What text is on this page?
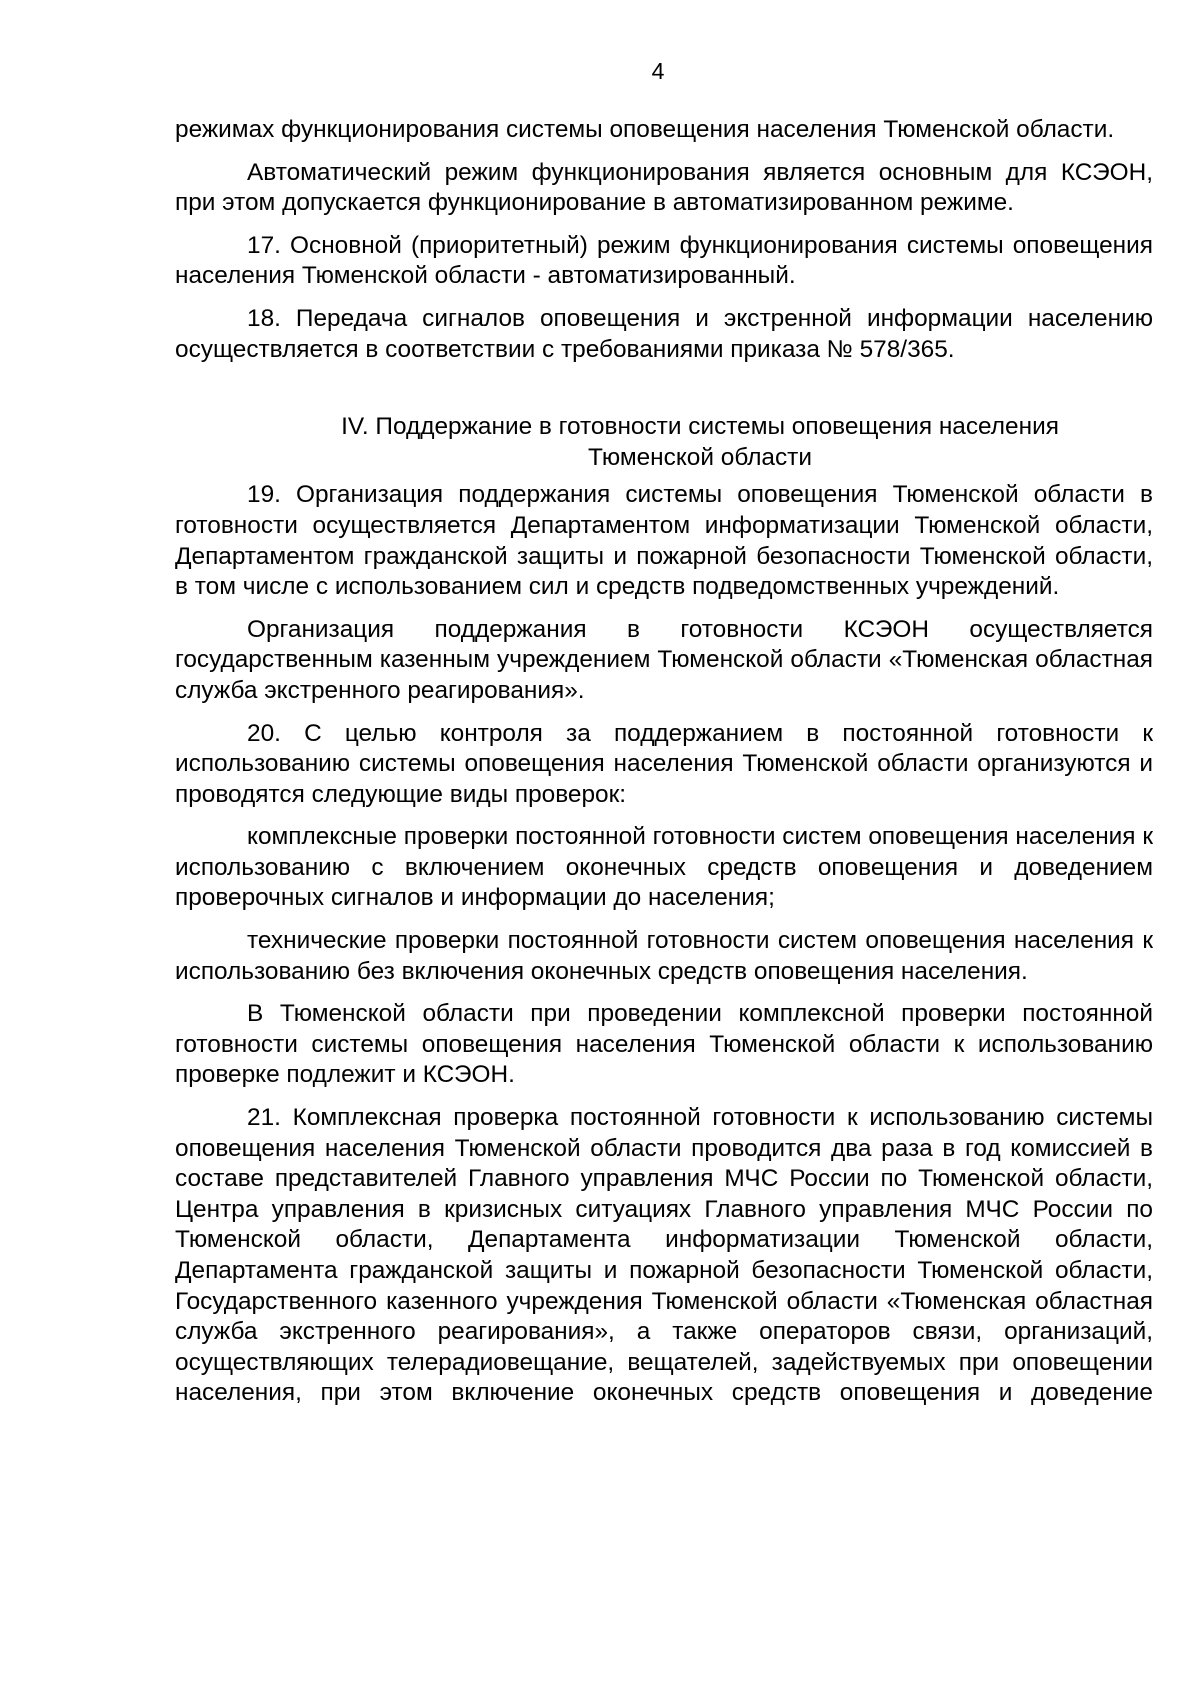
4

режимах функционирования системы оповещения населения Тюменской области.

Автоматический режим функционирования является основным для КСЭОН, при этом допускается функционирование в автоматизированном режиме.

17. Основной (приоритетный) режим функционирования системы оповещения населения Тюменской области - автоматизированный.

18. Передача сигналов оповещения и экстренной информации населению осуществляется в соответствии с требованиями приказа № 578/365.

IV. Поддержание в готовности системы оповещения населения
Тюменской области

19. Организация поддержания системы оповещения Тюменской области в готовности осуществляется Департаментом информатизации Тюменской области, Департаментом гражданской защиты и пожарной безопасности Тюменской области, в том числе с использованием сил и средств подведомственных учреждений.

Организация поддержания в готовности КСЭОН осуществляется государственным казенным учреждением Тюменской области «Тюменская областная служба экстренного реагирования».

20. С целью контроля за поддержанием в постоянной готовности к использованию системы оповещения населения Тюменской области организуются и проводятся следующие виды проверок:

комплексные проверки постоянной готовности систем оповещения населения к использованию с включением оконечных средств оповещения и доведением проверочных сигналов и информации до населения;

технические проверки постоянной готовности систем оповещения населения к использованию без включения оконечных средств оповещения населения.

В Тюменской области при проведении комплексной проверки постоянной готовности системы оповещения населения Тюменской области к использованию проверке подлежит и КСЭОН.

21. Комплексная проверка постоянной готовности к использованию системы оповещения населения Тюменской области проводится два раза в год комиссией в составе представителей Главного управления МЧС России по Тюменской области, Центра управления в кризисных ситуациях Главного управления МЧС России по Тюменской области, Департамента информатизации Тюменской области, Департамента гражданской защиты и пожарной безопасности Тюменской области, Государственного казенного учреждения Тюменской области «Тюменская областная служба экстренного реагирования», а также операторов связи, организаций, осуществляющих телерадиовещание, вещателей, задействуемых при оповещении населения, при этом включение оконечных средств оповещения и доведение
